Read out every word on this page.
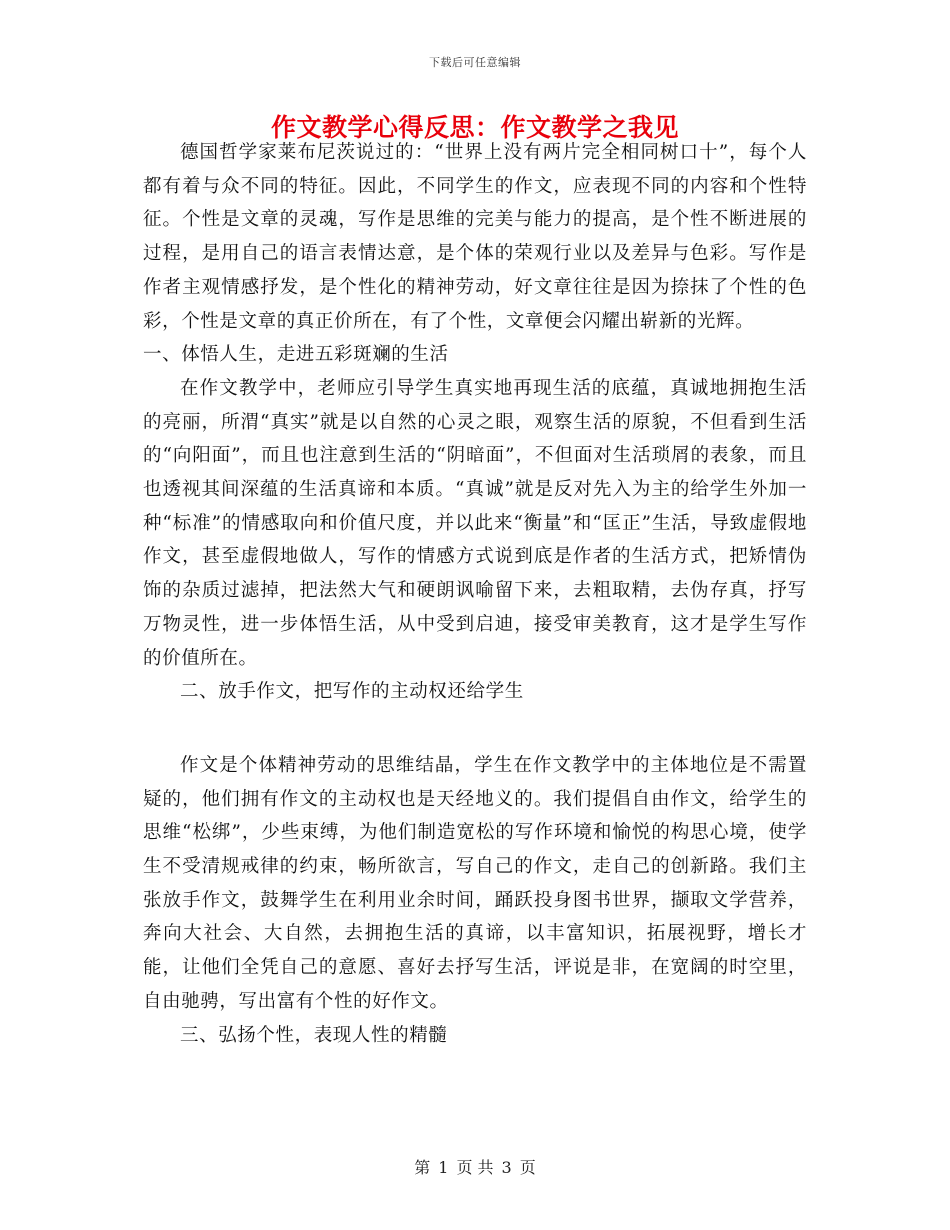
下载后可任意编辑
作文教学心得反思：作文教学之我见

德国哲学家莱布尼茨说过的：“世界上没有两片完全相同树口十”，每个人都有着与众不同的特征。因此，不同学生的作文，应表现不同的内容和个性特征。个性是文章的灵魂，写作是思维的完美与能力的提高，是个性不断进展的过程，是用自己的语言表情达意，是个体的荣观行业以及差异与色彩。写作是作者主观情感抒发，是个性化的精神劳动，好文章往往是因为捺抹了个性的色彩，个性是文章的真正价所在，有了个性，文章便会闪耀出崭新的光辉。

一、体悟人生，走进五彩斑斓的生活

在作文教学中，老师应引导学生真实地再现生活的底蕴，真诚地拥抱生活的亮丽，所渭“真实”就是以自然的心灵之眼，观察生活的原貌，不但看到生活的“向阳面”，而且也注意到生活的“阴暗面”，不但面对生活琐屑的表象，而且也透视其间深蕴的生活真谛和本质。“真诚”就是反对先入为主的给学生外加一种“标准”的情感取向和价值尺度，并以此来“衡量”和“匡正”生活，导致虚假地作文，甚至虚假地做人，写作的情感方式说到底是作者的生活方式，把矫情伪饰的杂质过滤掉，把法然大气和硬朗讽喻留下来，去粗取精，去伪存真，抒写万物灵性，进一步体悟生活，从中受到启迪，接受审美教育，这才是学生写作的价值所在。

二、放手作文，把写作的主动权还给学生

作文是个体精神劳动的思维结晶，学生在作文教学中的主体地位是不需置疑的，他们拥有作文的主动权也是天经地义的。我们提倡自由作文，给学生的思维“松绑”，少些束缚，为他们制造宽松的写作环境和愉悦的构思心境，使学生不受清规戒律的约束，畅所欲言，写自己的作文，走自己的创新路。我们主张放手作文，鼓舞学生在利用业余时间，踊跃投身图书世界，撷取文学营养，奔向大社会、大自然，去拥抱生活的真谛，以丰富知识，拓展视野，增长才能，让他们全凭自己的意愿、喜好去抒写生活，评说是非，在宽阔的时空里，自由驰骋，写出富有个性的好作文。

三、弘扬个性，表现人性的精髓

第 1 页 共 3 页
